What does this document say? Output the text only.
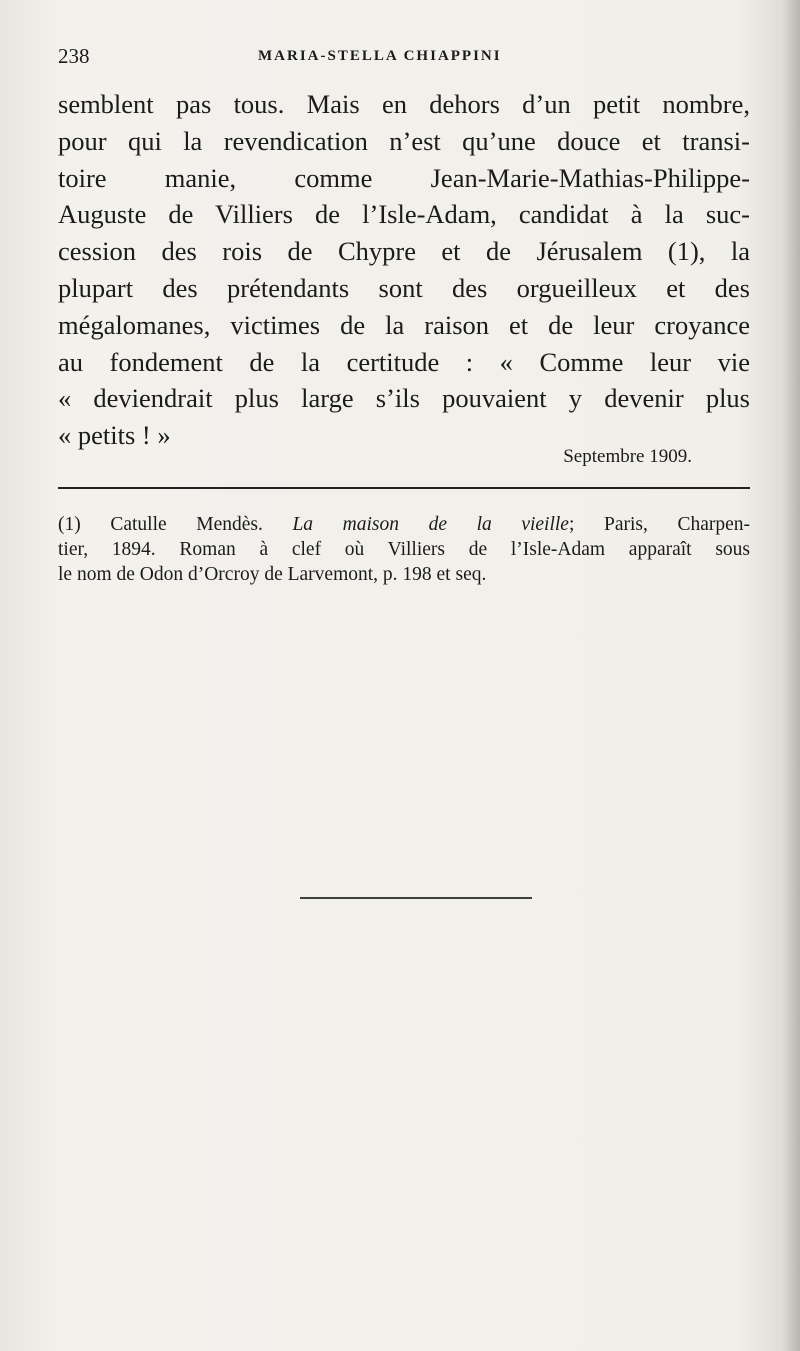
238	MARIA-STELLA CHIAPPINI
semblent pas tous. Mais en dehors d’un petit nombre,
pour qui la revendication n’est qu’une douce et transi-
toire manie, comme Jean-Marie-Mathias-Philippe-
Auguste de Villiers de l’Isle-Adam, candidat à la suc-
cession des rois de Chypre et de Jérusalem (1), la
plupart des prétendants sont des orgueilleux et des
mégalomanes, victimes de la raison et de leur croyance
au fondement de la certitude : « Comme leur vie
« deviendrait plus large s’ils pouvaient y devenir plus
« petits ! »
Septembre 1909.
(1) Catulle Mendès. La maison de la vieille; Paris, Charpen-
tier, 1894. Roman à clef où Villiers de l’Isle-Adam apparaît sous
le nom de Odon d’Orcroy de Larvemont, p. 198 et seq.
